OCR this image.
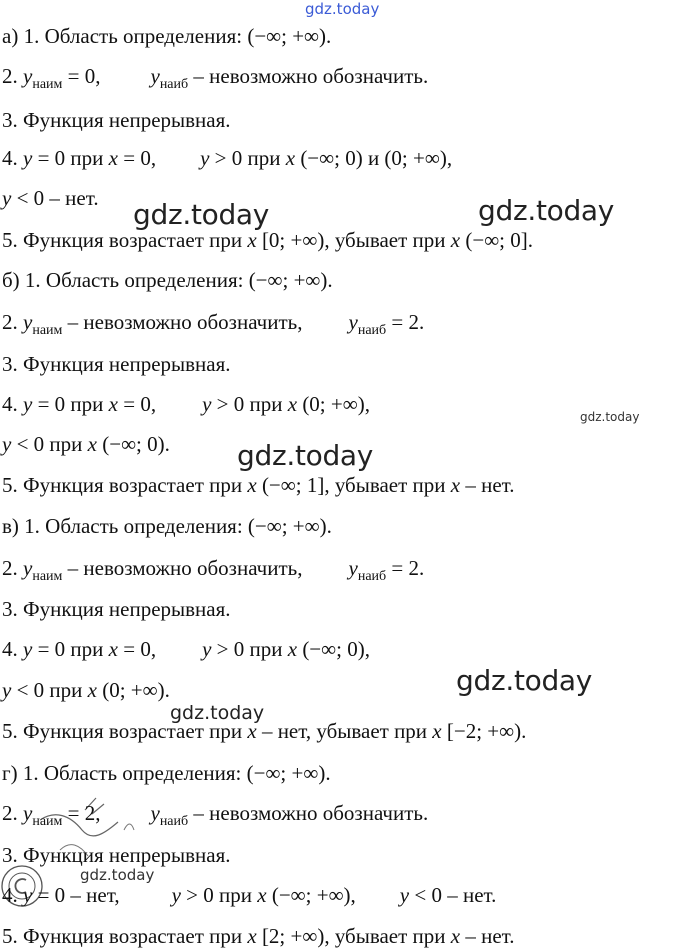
gdz.today
gdz.today	gdz.today
gdz.today
gdz.today
gdz.today
gdz.today
gdz.today
а) 1. Область определения: (−∞; +∞).
2. $y_{наим} = 0$, $y_{наиб}$ – невозможно обозначить.
3. Функция непрерывная.
4. y = 0 при x = 0, y > 0 при x (−∞; 0) и (0; +∞),
y < 0 – нет.
5. Функция возрастает при x [0; +∞), убывает при x (−∞; 0].
б) 1. Область определения: (−∞; +∞).
2. $y_{наим}$ – невозможно обозначить, $y_{наиб} = 2$.
3. Функция непрерывная.
4. y = 0 при x = 0, y > 0 при x (0; +∞),
y < 0 при x (−∞; 0).
5. Функция возрастает при x (−∞; 1], убывает при x – нет.
в) 1. Область определения: (−∞; +∞).
2. $y_{наим}$ – невозможно обозначить, $y_{наиб} = 2$.
3. Функция непрерывная.
4. y = 0 при x = 0, y > 0 при x (−∞; 0),
y < 0 при x (0; +∞).
5. Функция возрастает при x – нет, убывает при x [−2; +∞).
г) 1. Область определения: (−∞; +∞).
2. $y_{наим} = 2$, $y_{наиб}$ – невозможно обозначить.
3. Функция непрерывная.
4. y = 0 – нет, y > 0 при x (−∞; +∞), y < 0 – нет.
5. Функция возрастает при x [2; +∞), убывает при x – нет.
